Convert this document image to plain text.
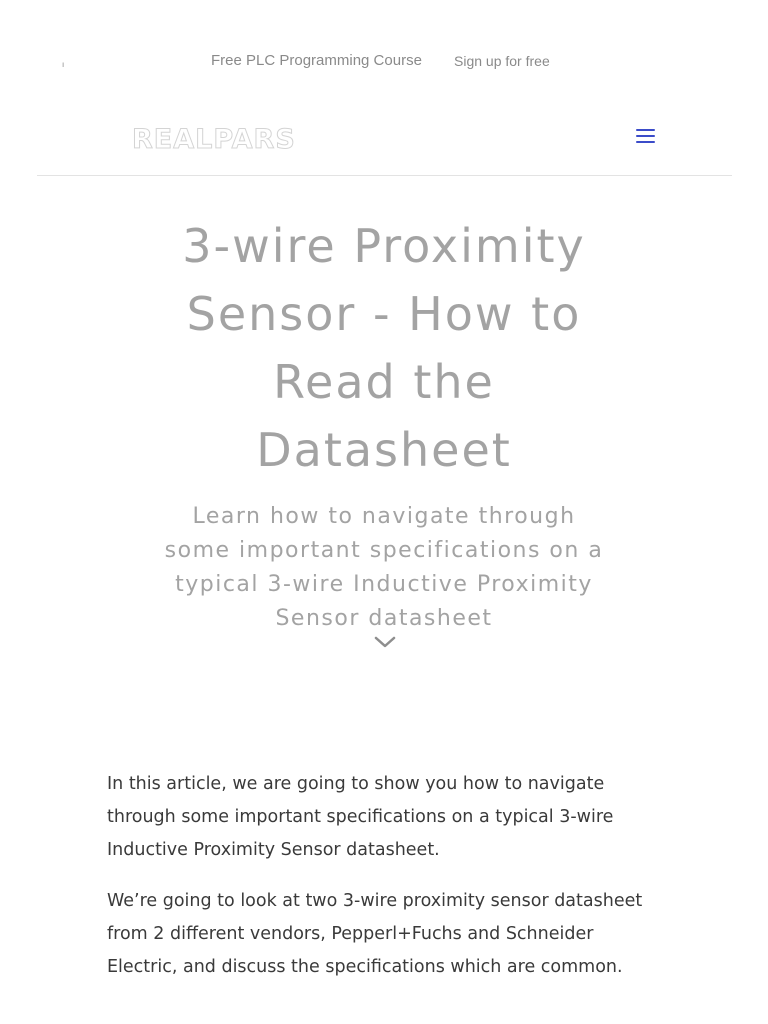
ı	Free PLC Programming Course Sign up for free
REALPARS
3-wire Proximity Sensor - How to Read the Datasheet
Learn how to navigate through some important specifications on a typical 3-wire Inductive Proximity Sensor datasheet

In this article, we are going to show you how to navigate through some important specifications on a typical 3-wire Inductive Proximity Sensor datasheet.

We’re going to look at two 3-wire proximity sensor datasheet from 2 different vendors, Pepperl+Fuchs and Schneider Electric, and discuss the specifications which are common.
